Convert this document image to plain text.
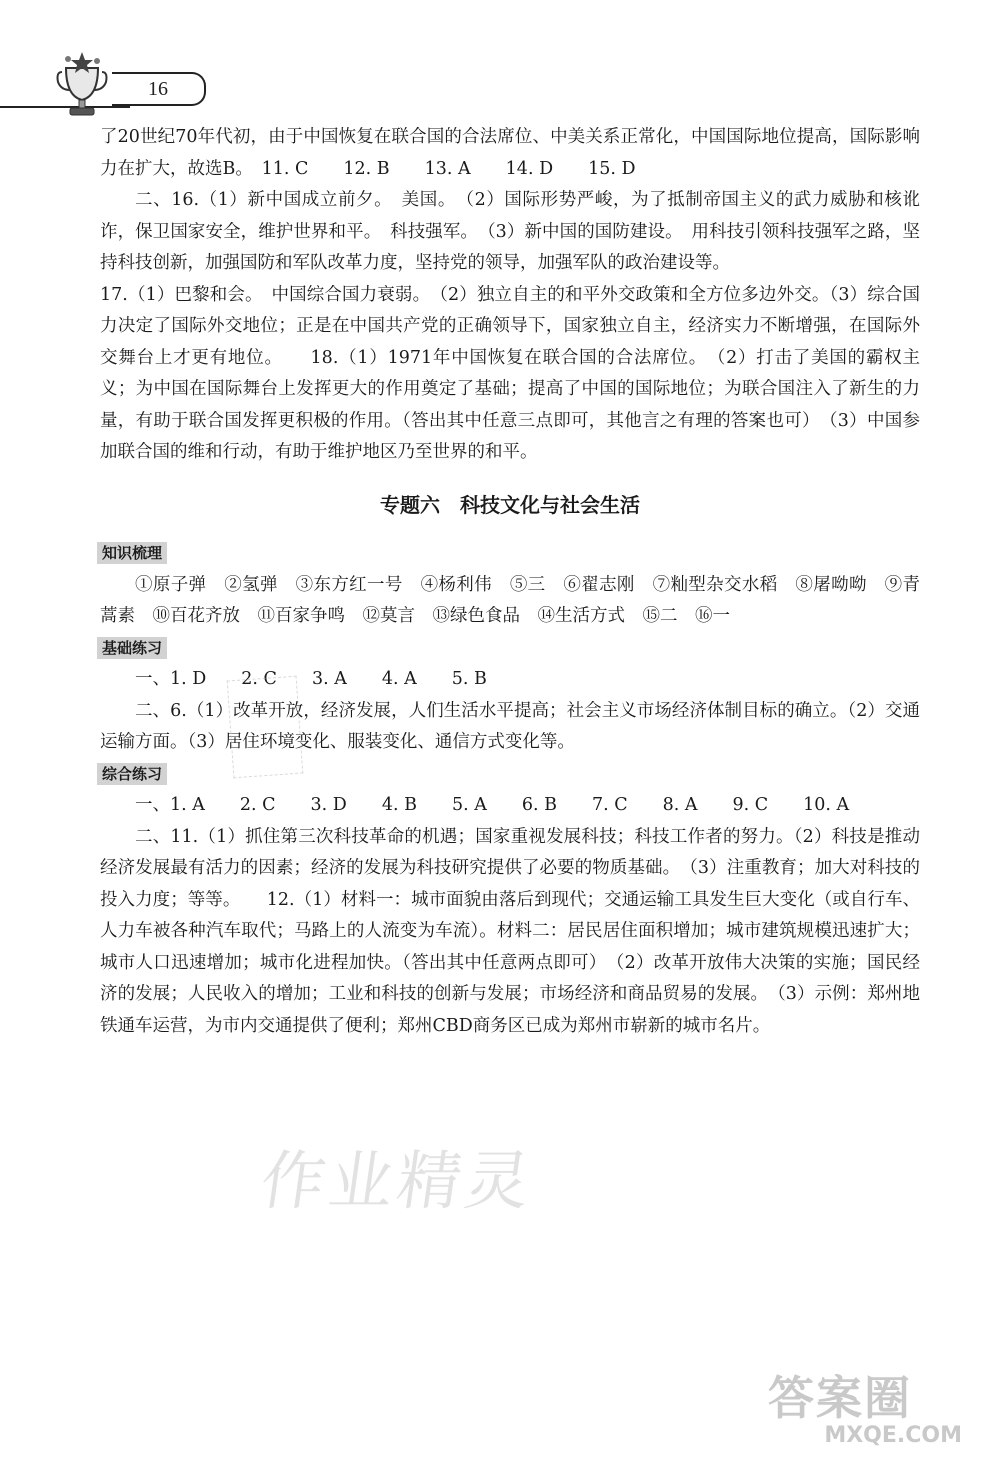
16

了20世纪70年代初，由于中国恢复在联合国的合法席位、中美关系正常化，中国国际地位提高，国际影响力在扩大，故选B。　11. C　　12. B　　13. A　　14. D　　15. D

二、16.（1）新中国成立前夕。　美国。　（2）国际形势严峻，为了抵制帝国主义的武力威胁和核讹诈，保卫国家安全，维护世界和平。　科技强军。　（3）新中国的国防建设。　用科技引领科技强军之路，坚持科技创新，加强国防和军队改革力度，坚持党的领导，加强军队的政治建设等。

17.（1）巴黎和会。　中国综合国力衰弱。　（2）独立自主的和平外交政策和全方位多边外交。（3）综合国力决定了国际外交地位；正是在中国共产党的正确领导下，国家独立自主，经济实力不断增强，在国际外交舞台上才更有地位。　　18.（1）1971年中国恢复在联合国的合法席位。　（2）打击了美国的霸权主义；为中国在国际舞台上发挥更大的作用奠定了基础；提高了中国的国际地位；为联合国注入了新生的力量，有助于联合国发挥更积极的作用。（答出其中任意三点即可，其他言之有理的答案也可）　（3）中国参加联合国的维和行动，有助于维护地区乃至世界的和平。

专题六　科技文化与社会生活
知识梳理

①原子弹　②氢弹　③东方红一号　④杨利伟　⑤三　⑥翟志刚　⑦籼型杂交水稻　⑧屠呦呦　⑨青蒿素　⑩百花齐放　⑪百家争鸣　⑫莫言　⑬绿色食品　⑭生活方式　⑮二　⑯一

基础练习

一、1. D　　2. C　　3. A　　4. A　　5. B

二、6.（1）改革开放，经济发展，人们生活水平提高；社会主义市场经济体制目标的确立。（2）交通运输方面。（3）居住环境变化、服装变化、通信方式变化等。

综合练习

一、1. A　　2. C　　3. D　　4. B　　5. A　　6. B　　7. C　　8. A　　9. C　　10. A

二、11.（1）抓住第三次科技革命的机遇；国家重视发展科技；科技工作者的努力。（2）科技是推动经济发展最有活力的因素；经济的发展为科技研究提供了必要的物质基础。　（3）注重教育；加大对科技的投入力度；等等。　　12.（1）材料一：城市面貌由落后到现代；交通运输工具发生巨大变化（或自行车、人力车被各种汽车取代；马路上的人流变为车流）。材料二：居民居住面积增加；城市建筑规模迅速扩大；城市人口迅速增加；城市化进程加快。（答出其中任意两点即可）　（2）改革开放伟大决策的实施；国民经济的发展；人民收入的增加；工业和科技的创新与发展；市场经济和商品贸易的发展。　（3）示例：郑州地铁通车运营，为市内交通提供了便利；郑州CBD商务区已成为郑州市崭新的城市名片。

作业精灵
答案圈
MXQE.COM
